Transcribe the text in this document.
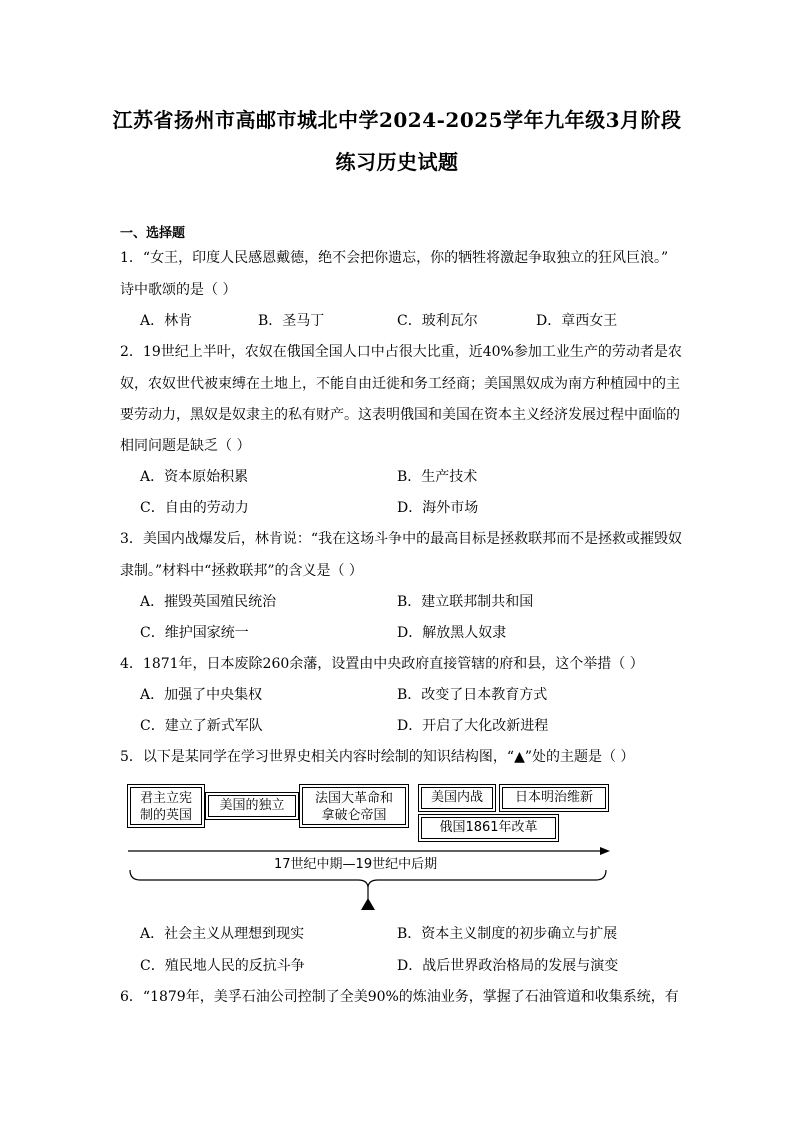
江苏省扬州市高邮市城北中学2024-2025学年九年级3月阶段
练习历史试题
一、选择题
1．“女王，印度人民感恩戴德，绝不会把你遗忘，你的牺牲将激起争取独立的狂风巨浪。”
诗中歌颂的是（ ）
A．林肯	B．圣马丁	C．玻利瓦尔	D．章西女王
2．19世纪上半叶，农奴在俄国全国人口中占很大比重，近40%参加工业生产的劳动者是农
奴，农奴世代被束缚在土地上，不能自由迁徙和务工经商；美国黑奴成为南方种植园中的主
要劳动力，黑奴是奴隶主的私有财产。这表明俄国和美国在资本主义经济发展过程中面临的
相同问题是缺乏（ ）
A．资本原始积累	B．生产技术
C．自由的劳动力	D．海外市场
3．美国内战爆发后，林肯说：“我在这场斗争中的最高目标是拯救联邦而不是拯救或摧毁奴
隶制。”材料中“拯救联邦”的含义是（ ）
A．摧毁英国殖民统治	B．建立联邦制共和国
C．维护国家统一	D．解放黑人奴隶
4．1871年，日本废除260余藩，设置由中央政府直接管辖的府和县，这个举措（ ）
A．加强了中央集权	B．改变了日本教育方式
C．建立了新式军队	D．开启了大化改新进程
5．以下是某同学在学习世界史相关内容时绘制的知识结构图，“▲”处的主题是（ ）
君主立宪
制的英国
美国的独立	法国大革命和
拿破仑帝国
美国内战	日本明治维新
俄国1861年改革
17世纪中期—19世纪中后期
A．社会主义从理想到现实	B．资本主义制度的初步确立与扩展
C．殖民地人民的反抗斗争	D．战后世界政治格局的发展与演变
6．“1879年，美孚石油公司控制了全美90%的炼油业务，掌握了石油管道和收集系统，有
